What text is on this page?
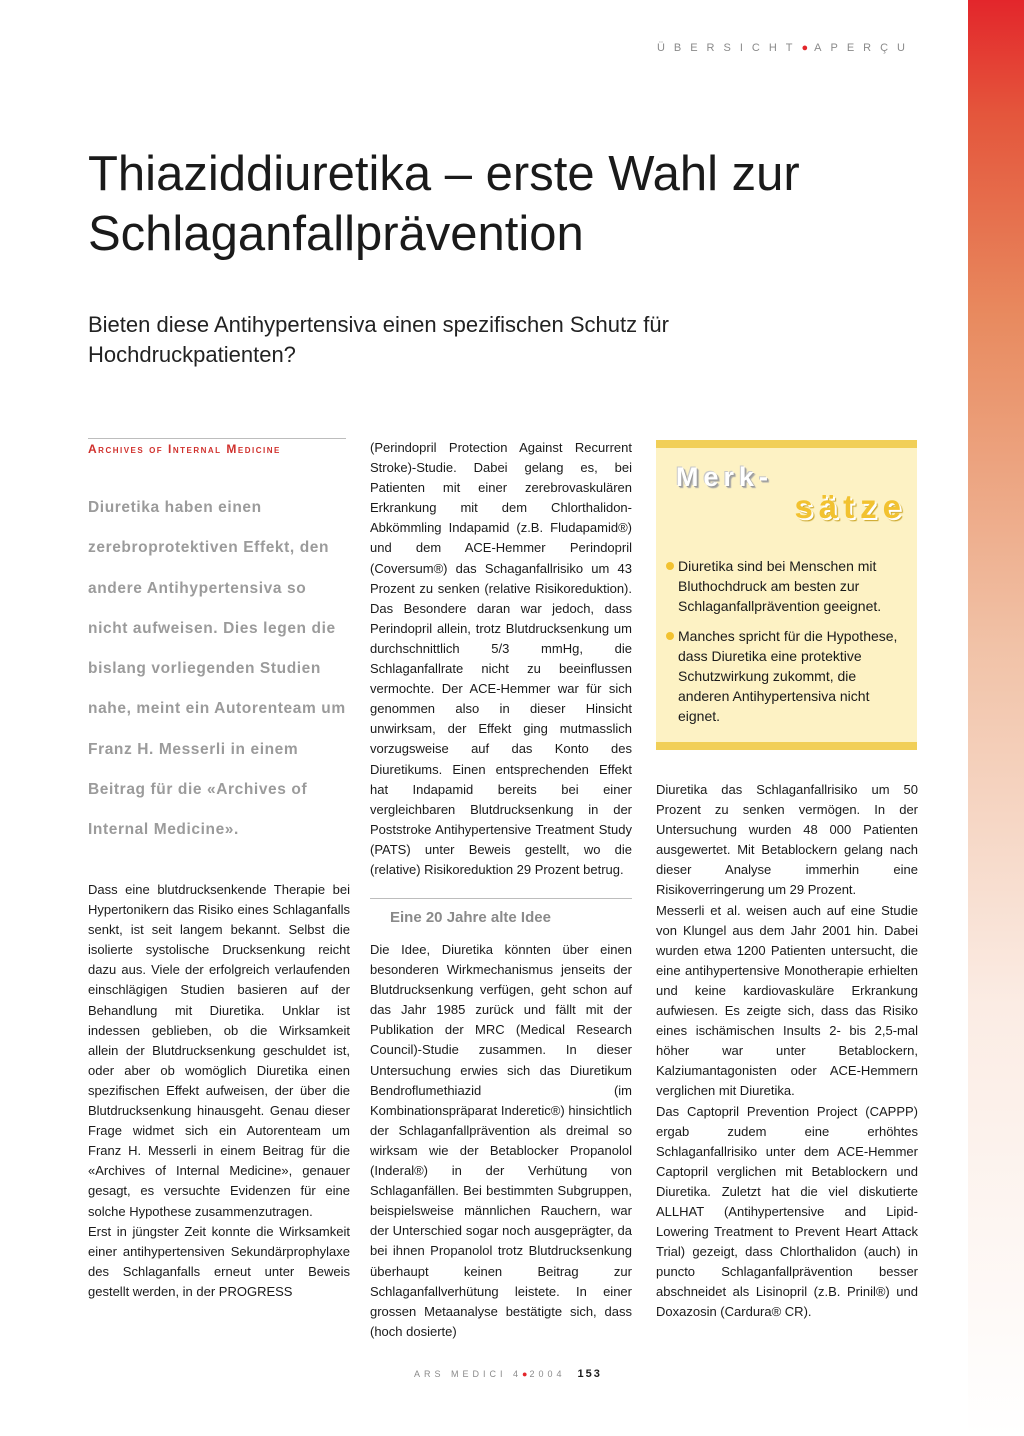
ÜBERSICHT●APERÇU
Thiaziddiuretika – erste Wahl zur Schlaganfallprävention

Bieten diese Antihypertensiva einen spezifischen Schutz für Hochdruckpatienten?

Archives of Internal Medicine

Diuretika haben einen zerebroprotektiven Effekt, den andere Antihypertensiva so nicht aufweisen. Dies legen die bislang vorliegenden Studien nahe, meint ein Autorenteam um Franz H. Messerli in einem Beitrag für die «Archives of Internal Medicine».

Dass eine blutdrucksenkende Therapie bei Hypertonikern das Risiko eines Schlaganfalls senkt, ist seit langem bekannt. Selbst die isolierte systolische Drucksenkung reicht dazu aus. Viele der erfolgreich verlaufenden einschlägigen Studien basieren auf der Behandlung mit Diuretika. Unklar ist indessen geblieben, ob die Wirksamkeit allein der Blutdrucksenkung geschuldet ist, oder aber ob womöglich Diuretika einen spezifischen Effekt aufweisen, der über die Blutdrucksenkung hinausgeht. Genau dieser Frage widmet sich ein Autorenteam um Franz H. Messerli in einem Beitrag für die «Archives of Internal Medicine», genauer gesagt, es versuchte Evidenzen für eine solche Hypothese zusammenzutragen.

Erst in jüngster Zeit konnte die Wirksamkeit einer antihypertensiven Sekundärprophylaxe des Schlaganfalls erneut unter Beweis gestellt werden, in der PROGRESS

(Perindopril Protection Against Recurrent Stroke)-Studie. Dabei gelang es, bei Patienten mit einer zerebrovaskulären Erkrankung mit dem Chlorthalidon-Abkömmling Indapamid (z.B. Fludapamid®) und dem ACE-Hemmer Perindopril (Coversum®) das Schaganfallrisiko um 43 Prozent zu senken (relative Risikoreduktion). Das Besondere daran war jedoch, dass Perindopril allein, trotz Blutdrucksenkung um durchschnittlich 5/3 mmHg, die Schlaganfallrate nicht zu beeinflussen vermochte. Der ACE-Hemmer war für sich genommen also in dieser Hinsicht unwirksam, der Effekt ging mutmasslich vorzugsweise auf das Konto des Diuretikums. Einen entsprechenden Effekt hat Indapamid bereits bei einer vergleichbaren Blutdrucksenkung in der Poststroke Antihypertensive Treatment Study (PATS) unter Beweis gestellt, wo die (relative) Risikoreduktion 29 Prozent betrug.

Eine 20 Jahre alte Idee

Die Idee, Diuretika könnten über einen besonderen Wirkmechanismus jenseits der Blutdrucksenkung verfügen, geht schon auf das Jahr 1985 zurück und fällt mit der Publikation der MRC (Medical Research Council)-Studie zusammen. In dieser Untersuchung erwies sich das Diuretikum Bendroflumethiazid (im Kombinationspräparat Inderetic®) hinsichtlich der Schlaganfallprävention als dreimal so wirksam wie der Betablocker Propanolol (Inderal®) in der Verhütung von Schlaganfällen. Bei bestimmten Subgruppen, beispielsweise männlichen Rauchern, war der Unterschied sogar noch ausgeprägter, da bei ihnen Propanolol trotz Blutdrucksenkung überhaupt keinen Beitrag zur Schlaganfallverhütung leistete. In einer grossen Metaanalyse bestätigte sich, dass (hoch dosierte)

Merk-

sätze

Diuretika sind bei Menschen mit Bluthochdruck am besten zur Schlaganfallprävention geeignet.
Manches spricht für die Hypothese, dass Diuretika eine protektive Schutzwirkung zukommt, die anderen Antihypertensiva nicht eignet.

Diuretika das Schlaganfallrisiko um 50 Prozent zu senken vermögen. In der Untersuchung wurden 48 000 Patienten ausgewertet. Mit Betablockern gelang nach dieser Analyse immerhin eine Risikoverringerung um 29 Prozent.

Messerli et al. weisen auch auf eine Studie von Klungel aus dem Jahr 2001 hin. Dabei wurden etwa 1200 Patienten untersucht, die eine antihypertensive Monotherapie erhielten und keine kardiovaskuläre Erkrankung aufwiesen. Es zeigte sich, dass das Risiko eines ischämischen Insults 2- bis 2,5-mal höher war unter Betablockern, Kalziumantagonisten oder ACE-Hemmern verglichen mit Diuretika.

Das Captopril Prevention Project (CAPPP) ergab zudem eine erhöhtes Schlaganfallrisiko unter dem ACE-Hemmer Captopril verglichen mit Betablockern und Diuretika. Zuletzt hat die viel diskutierte ALLHAT (Antihypertensive and Lipid-Lowering Treatment to Prevent Heart Attack Trial) gezeigt, dass Chlorthalidon (auch) in puncto Schlaganfallprävention besser abschneidet als Lisinopril (z.B. Prinil®) und Doxazosin (Cardura® CR).

ARS MEDICI 4●2004 153
